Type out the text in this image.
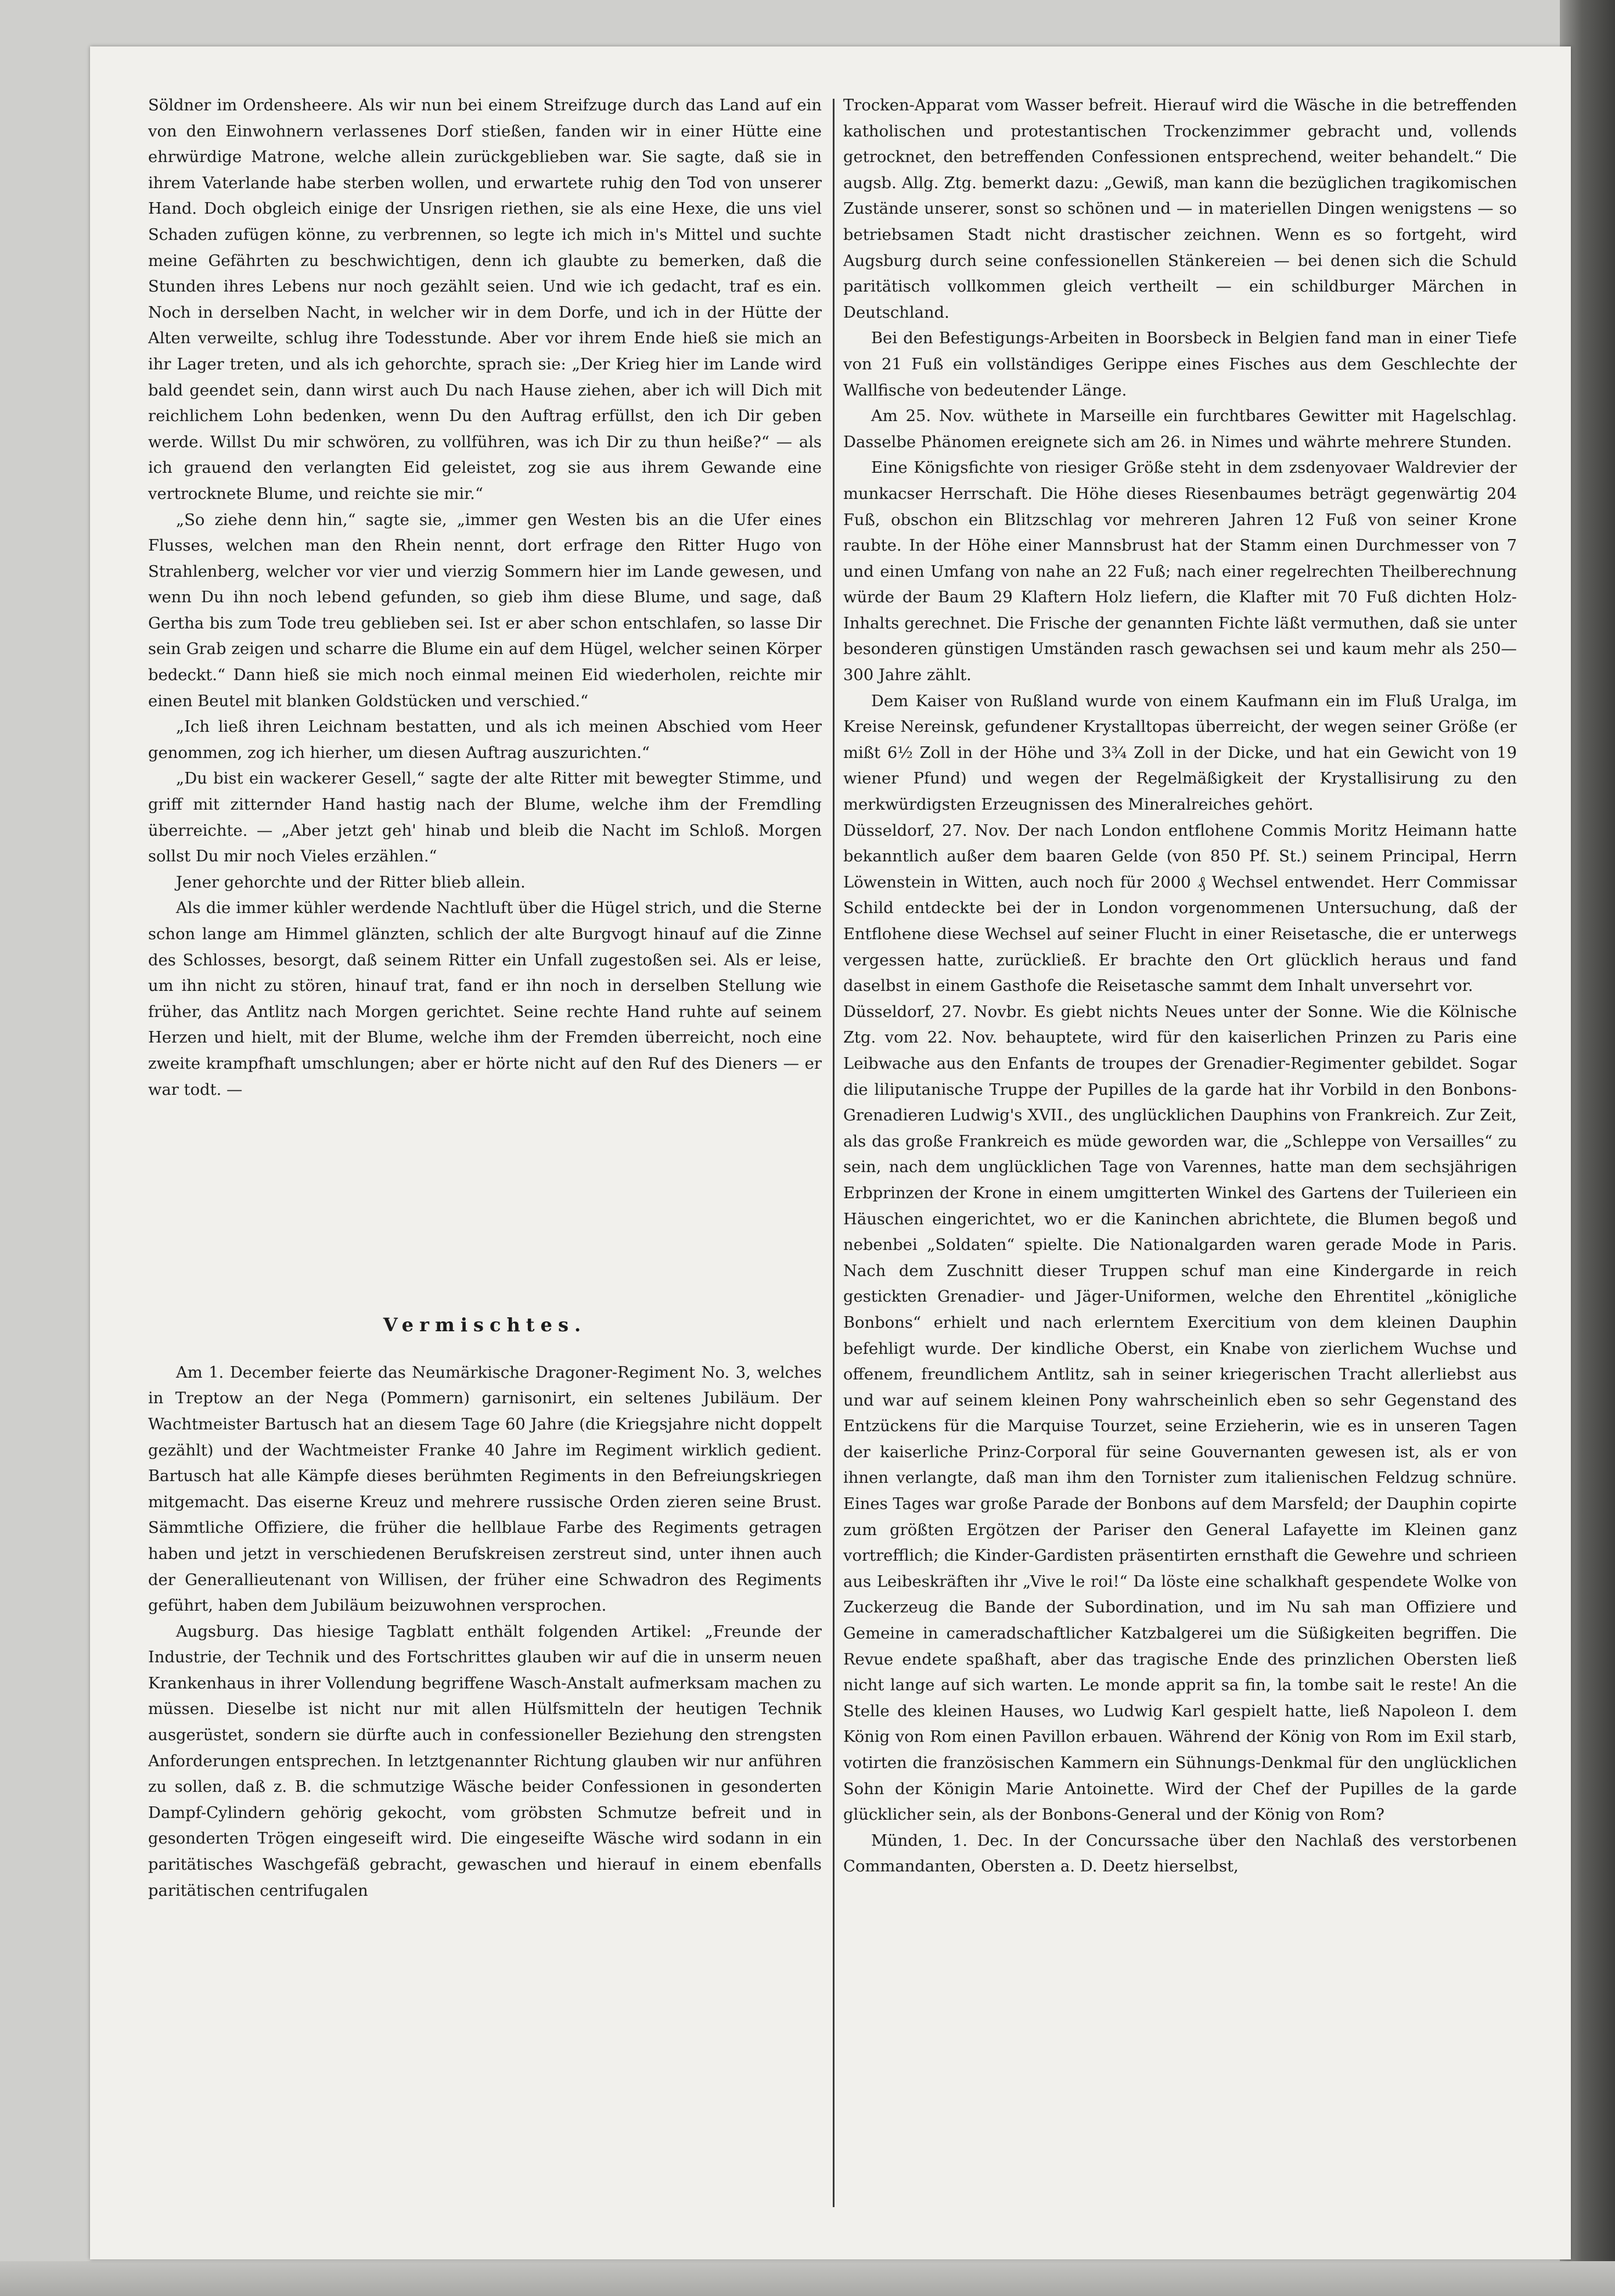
Söldner im Ordensheere. Als wir nun bei einem Streifzuge durch das Land auf ein von den Einwohnern verlassenes Dorf stießen, fanden wir in einer Hütte eine ehrwürdige Matrone, welche allein zurückgeblieben war. Sie sagte, daß sie in ihrem Vaterlande habe sterben wollen, und erwartete ruhig den Tod von unserer Hand. Doch obgleich einige der Unsrigen riethen, sie als eine Hexe, die uns viel Schaden zufügen könne, zu verbrennen, so legte ich mich in's Mittel und suchte meine Gefährten zu beschwichtigen, denn ich glaubte zu bemerken, daß die Stunden ihres Lebens nur noch gezählt seien. Und wie ich gedacht, traf es ein. Noch in derselben Nacht, in welcher wir in dem Dorfe, und ich in der Hütte der Alten verweilte, schlug ihre Todesstunde. Aber vor ihrem Ende hieß sie mich an ihr Lager treten, und als ich gehorchte, sprach sie: „Der Krieg hier im Lande wird bald geendet sein, dann wirst auch Du nach Hause ziehen, aber ich will Dich mit reichlichem Lohn bedenken, wenn Du den Auftrag erfüllst, den ich Dir geben werde. Willst Du mir schwören, zu vollführen, was ich Dir zu thun heiße?“ — als ich grauend den verlangten Eid geleistet, zog sie aus ihrem Gewande eine vertrocknete Blume, und reichte sie mir.“

„So ziehe denn hin,“ sagte sie, „immer gen Westen bis an die Ufer eines Flusses, welchen man den Rhein nennt, dort erfrage den Ritter Hugo von Strahlenberg, welcher vor vier und vierzig Sommern hier im Lande gewesen, und wenn Du ihn noch lebend gefunden, so gieb ihm diese Blume, und sage, daß Gertha bis zum Tode treu geblieben sei. Ist er aber schon entschlafen, so lasse Dir sein Grab zeigen und scharre die Blume ein auf dem Hügel, welcher seinen Körper bedeckt.“ Dann hieß sie mich noch einmal meinen Eid wiederholen, reichte mir einen Beutel mit blanken Goldstücken und verschied.“

„Ich ließ ihren Leichnam bestatten, und als ich meinen Abschied vom Heer genommen, zog ich hierher, um diesen Auftrag auszurichten.“

„Du bist ein wackerer Gesell,“ sagte der alte Ritter mit bewegter Stimme, und griff mit zitternder Hand hastig nach der Blume, welche ihm der Fremdling überreichte. — „Aber jetzt geh' hinab und bleib die Nacht im Schloß. Morgen sollst Du mir noch Vieles erzählen.“

Jener gehorchte und der Ritter blieb allein.

Als die immer kühler werdende Nachtluft über die Hügel strich, und die Sterne schon lange am Himmel glänzten, schlich der alte Burgvogt hinauf auf die Zinne des Schlosses, besorgt, daß seinem Ritter ein Unfall zugestoßen sei. Als er leise, um ihn nicht zu stören, hinauf trat, fand er ihn noch in derselben Stellung wie früher, das Antlitz nach Morgen gerichtet. Seine rechte Hand ruhte auf seinem Herzen und hielt, mit der Blume, welche ihm der Fremden überreicht, noch eine zweite krampfhaft umschlungen; aber er hörte nicht auf den Ruf des Dieners — er war todt. —

Vermischtes.

Am 1. December feierte das Neumärkische Dragoner-Regiment No. 3, welches in Treptow an der Nega (Pommern) garnisonirt, ein seltenes Jubiläum. Der Wachtmeister Bartusch hat an diesem Tage 60 Jahre (die Kriegsjahre nicht doppelt gezählt) und der Wachtmeister Franke 40 Jahre im Regiment wirklich gedient. Bartusch hat alle Kämpfe dieses berühmten Regiments in den Befreiungskriegen mitgemacht. Das eiserne Kreuz und mehrere russische Orden zieren seine Brust. Sämmtliche Offiziere, die früher die hellblaue Farbe des Regiments getragen haben und jetzt in verschiedenen Berufskreisen zerstreut sind, unter ihnen auch der Generallieutenant von Willisen, der früher eine Schwadron des Regiments geführt, haben dem Jubiläum beizuwohnen versprochen.

Augsburg. Das hiesige Tagblatt enthält folgenden Artikel: „Freunde der Industrie, der Technik und des Fortschrittes glauben wir auf die in unserm neuen Krankenhaus in ihrer Vollendung begriffene Wasch-Anstalt aufmerksam machen zu müssen. Dieselbe ist nicht nur mit allen Hülfsmitteln der heutigen Technik ausgerüstet, sondern sie dürfte auch in confessioneller Beziehung den strengsten Anforderungen entsprechen. In letztgenannter Richtung glauben wir nur anführen zu sollen, daß z. B. die schmutzige Wäsche beider Confessionen in gesonderten Dampf-Cylindern gehörig gekocht, vom gröbsten Schmutze befreit und in gesonderten Trögen eingeseift wird. Die eingeseifte Wäsche wird sodann in ein paritätisches Waschgefäß gebracht, gewaschen und hierauf in einem ebenfalls paritätischen centrifugalen

Trocken-Apparat vom Wasser befreit. Hierauf wird die Wäsche in die betreffenden katholischen und protestantischen Trockenzimmer gebracht und, vollends getrocknet, den betreffenden Confessionen entsprechend, weiter behandelt.“ Die augsb. Allg. Ztg. bemerkt dazu: „Gewiß, man kann die bezüglichen tragikomischen Zustände unserer, sonst so schönen und — in materiellen Dingen wenigstens — so betriebsamen Stadt nicht drastischer zeichnen. Wenn es so fortgeht, wird Augsburg durch seine confessionellen Stänkereien — bei denen sich die Schuld paritätisch vollkommen gleich vertheilt — ein schildburger Märchen in Deutschland.

Bei den Befestigungs-Arbeiten in Boorsbeck in Belgien fand man in einer Tiefe von 21 Fuß ein vollständiges Gerippe eines Fisches aus dem Geschlechte der Wallfische von bedeutender Länge.

Am 25. Nov. wüthete in Marseille ein furchtbares Gewitter mit Hagelschlag. Dasselbe Phänomen ereignete sich am 26. in Nimes und währte mehrere Stunden.

Eine Königsfichte von riesiger Größe steht in dem zsdenyovaer Waldrevier der munkacser Herrschaft. Die Höhe dieses Riesenbaumes beträgt gegenwärtig 204 Fuß, obschon ein Blitzschlag vor mehreren Jahren 12 Fuß von seiner Krone raubte. In der Höhe einer Mannsbrust hat der Stamm einen Durchmesser von 7 und einen Umfang von nahe an 22 Fuß; nach einer regelrechten Theilberechnung würde der Baum 29 Klaftern Holz liefern, die Klafter mit 70 Fuß dichten Holz-Inhalts gerechnet. Die Frische der genannten Fichte läßt vermuthen, daß sie unter besonderen günstigen Umständen rasch gewachsen sei und kaum mehr als 250—300 Jahre zählt.

Dem Kaiser von Rußland wurde von einem Kaufmann ein im Fluß Uralga, im Kreise Nereinsk, gefundener Krystalltopas überreicht, der wegen seiner Größe (er mißt 6½ Zoll in der Höhe und 3¾ Zoll in der Dicke, und hat ein Gewicht von 19 wiener Pfund) und wegen der Regelmäßigkeit der Krystallisirung zu den merkwürdigsten Erzeugnissen des Mineralreiches gehört.

Düsseldorf, 27. Nov. Der nach London entflohene Commis Moritz Heimann hatte bekanntlich außer dem baaren Gelde (von 850 Pf. St.) seinem Principal, Herrn Löwenstein in Witten, auch noch für 2000 ₰ Wechsel entwendet. Herr Commissar Schild entdeckte bei der in London vorgenommenen Untersuchung, daß der Entflohene diese Wechsel auf seiner Flucht in einer Reisetasche, die er unterwegs vergessen hatte, zurückließ. Er brachte den Ort glücklich heraus und fand daselbst in einem Gasthofe die Reisetasche sammt dem Inhalt unversehrt vor.

Düsseldorf, 27. Novbr. Es giebt nichts Neues unter der Sonne. Wie die Kölnische Ztg. vom 22. Nov. behauptete, wird für den kaiserlichen Prinzen zu Paris eine Leibwache aus den Enfants de troupes der Grenadier-Regimenter gebildet. Sogar die liliputanische Truppe der Pupilles de la garde hat ihr Vorbild in den Bonbons-Grenadieren Ludwig's XVII., des unglücklichen Dauphins von Frankreich. Zur Zeit, als das große Frankreich es müde geworden war, die „Schleppe von Versailles“ zu sein, nach dem unglücklichen Tage von Varennes, hatte man dem sechsjährigen Erbprinzen der Krone in einem umgitterten Winkel des Gartens der Tuilerieen ein Häuschen eingerichtet, wo er die Kaninchen abrichtete, die Blumen begoß und nebenbei „Soldaten“ spielte. Die Nationalgarden waren gerade Mode in Paris. Nach dem Zuschnitt dieser Truppen schuf man eine Kindergarde in reich gestickten Grenadier- und Jäger-Uniformen, welche den Ehrentitel „königliche Bonbons“ erhielt und nach erlerntem Exercitium von dem kleinen Dauphin befehligt wurde. Der kindliche Oberst, ein Knabe von zierlichem Wuchse und offenem, freundlichem Antlitz, sah in seiner kriegerischen Tracht allerliebst aus und war auf seinem kleinen Pony wahrscheinlich eben so sehr Gegenstand des Entzückens für die Marquise Tourzet, seine Erzieherin, wie es in unseren Tagen der kaiserliche Prinz-Corporal für seine Gouvernanten gewesen ist, als er von ihnen verlangte, daß man ihm den Tornister zum italienischen Feldzug schnüre. Eines Tages war große Parade der Bonbons auf dem Marsfeld; der Dauphin copirte zum größten Ergötzen der Pariser den General Lafayette im Kleinen ganz vortrefflich; die Kinder-Gardisten präsentirten ernsthaft die Gewehre und schrieen aus Leibeskräften ihr „Vive le roi!“ Da löste eine schalkhaft gespendete Wolke von Zuckerzeug die Bande der Subordination, und im Nu sah man Offiziere und Gemeine in cameradschaftlicher Katzbalgerei um die Süßigkeiten begriffen. Die Revue endete spaßhaft, aber das tragische Ende des prinzlichen Obersten ließ nicht lange auf sich warten. Le monde apprit sa fin, la tombe sait le reste! An die Stelle des kleinen Hauses, wo Ludwig Karl gespielt hatte, ließ Napoleon I. dem König von Rom einen Pavillon erbauen. Während der König von Rom im Exil starb, votirten die französischen Kammern ein Sühnungs-Denkmal für den unglücklichen Sohn der Königin Marie Antoinette. Wird der Chef der Pupilles de la garde glücklicher sein, als der Bonbons-General und der König von Rom?

Münden, 1. Dec. In der Concurssache über den Nachlaß des verstorbenen Commandanten, Obersten a. D. Deetz hierselbst,
